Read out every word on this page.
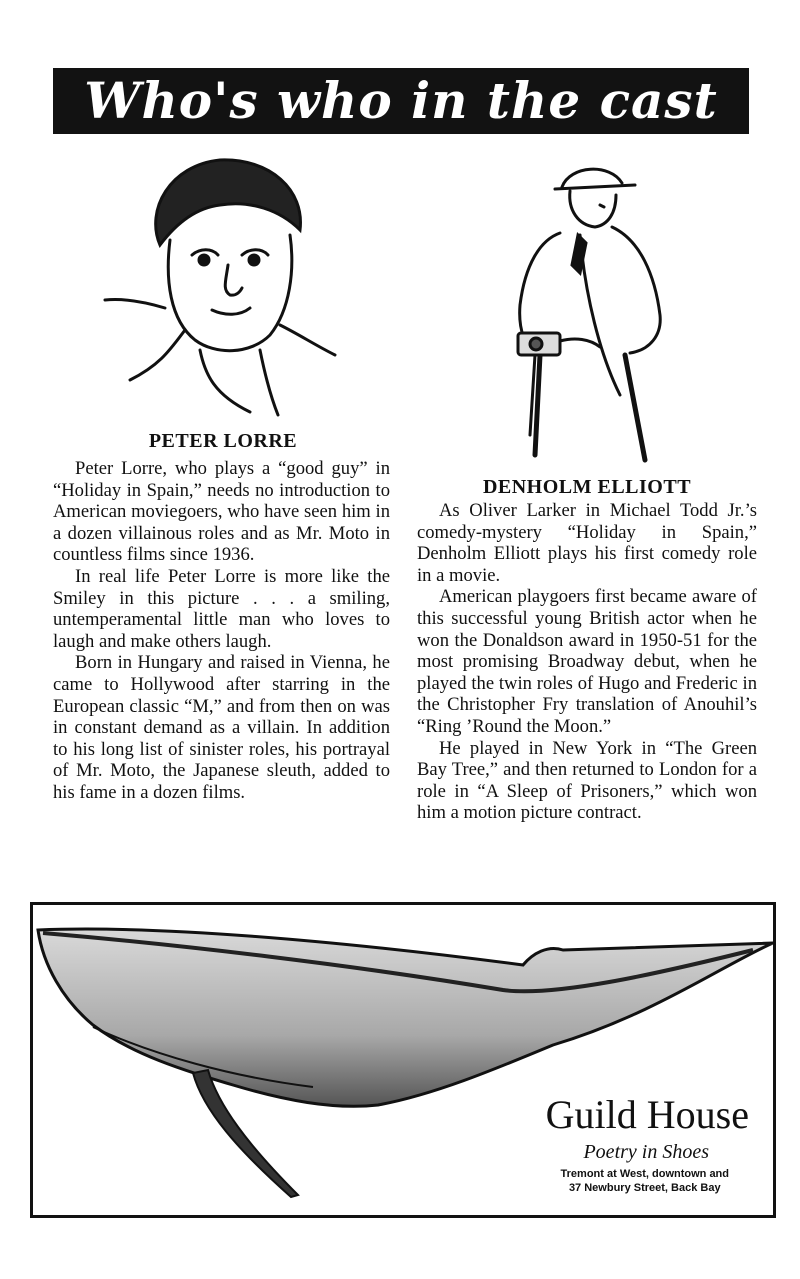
Who's who in the cast
PETER LORRE
DENHOLM ELLIOTT

Peter Lorre, who plays a “good guy” in “Holiday in Spain,” needs no introduction to American moviegoers, who have seen him in a dozen villainous roles and as Mr. Moto in countless films since 1936.

In real life Peter Lorre is more like the Smiley in this picture . . . a smiling, untemperamental little man who loves to laugh and make others laugh.

Born in Hungary and raised in Vienna, he came to Hollywood after starring in the European classic “M,” and from then on was in constant demand as a villain. In addition to his long list of sinister roles, his portrayal of Mr. Moto, the Japanese sleuth, added to his fame in a dozen films.

As Oliver Larker in Michael Todd Jr.’s comedy-mystery “Holiday in Spain,” Denholm Elliott plays his first comedy role in a movie.

American playgoers first became aware of this successful young British actor when he won the Donaldson award in 1950-51 for the most promising Broadway debut, when he played the twin roles of Hugo and Frederic in the Christopher Fry translation of Anouhil’s “Ring ’Round the Moon.”

He played in New York in “The Green Bay Tree,” and then returned to London for a role in “A Sleep of Prisoners,” which won him a motion picture contract.

Guild House
Poetry in Shoes
Tremont at West, downtown and
37 Newbury Street, Back Bay
